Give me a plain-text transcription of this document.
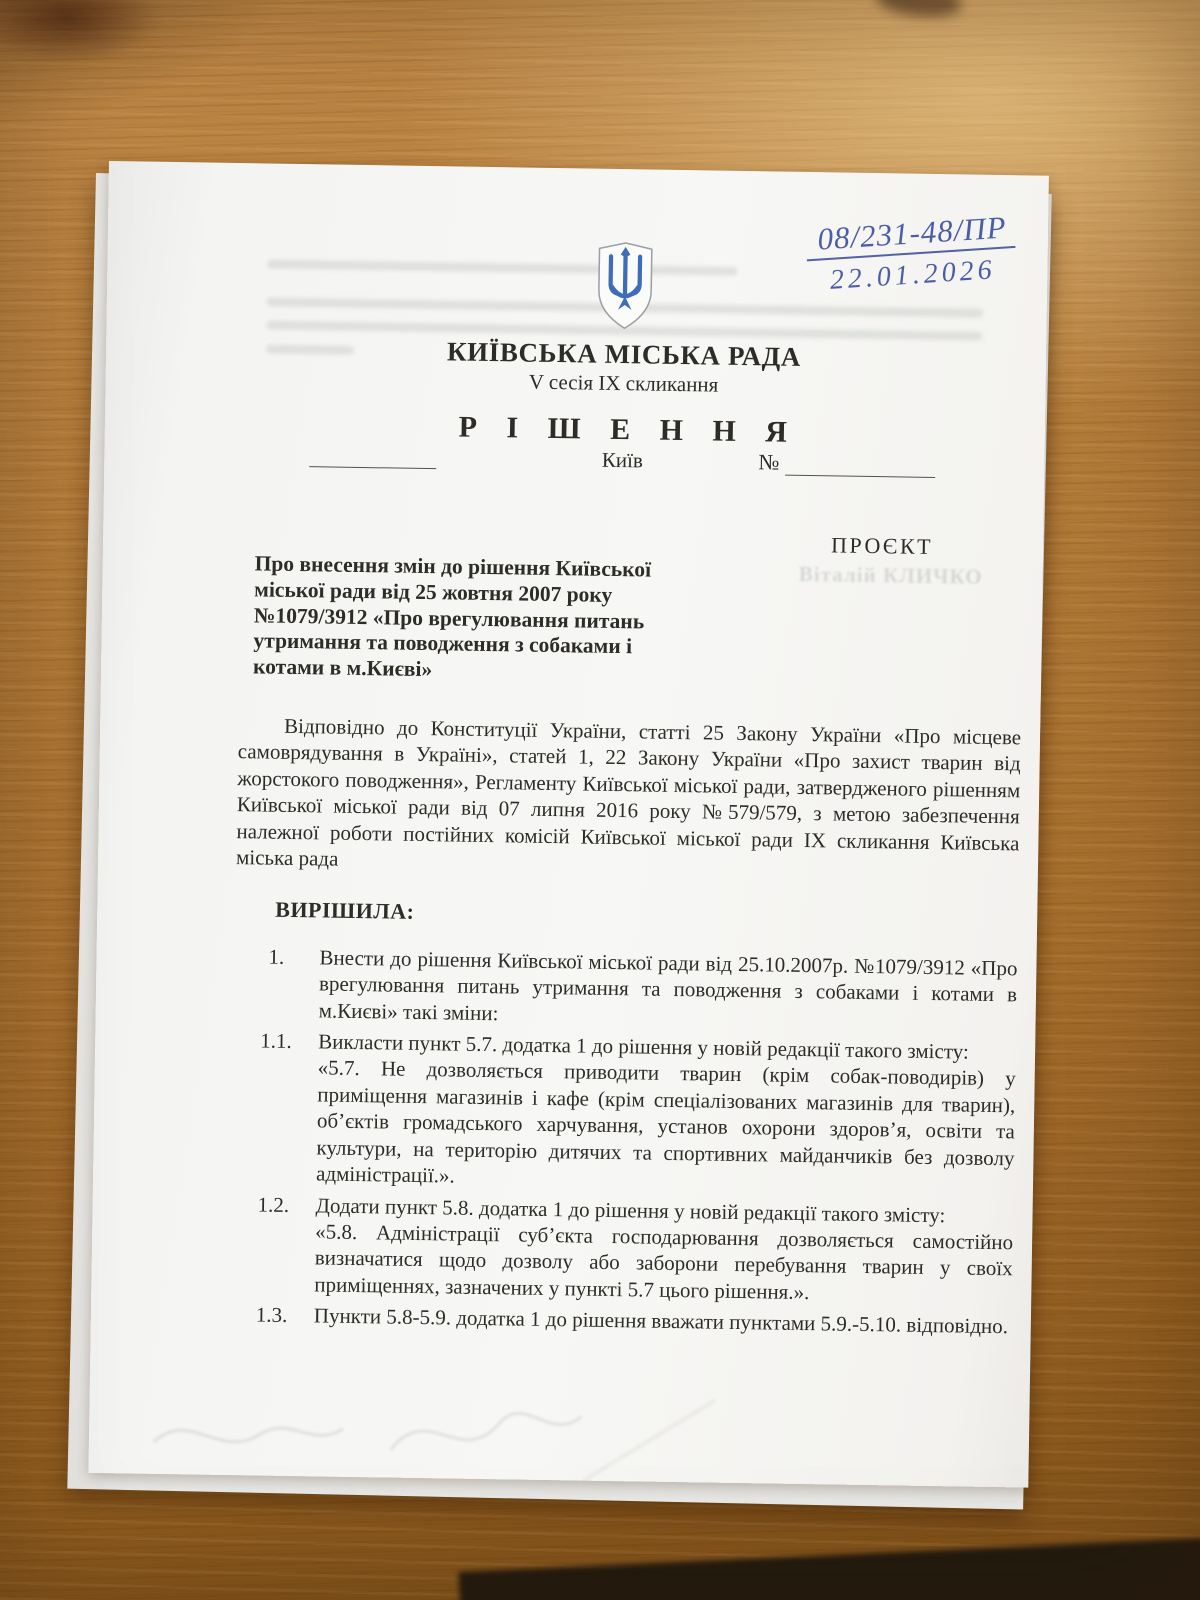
08/231-48/ПР
22.01.2026
КИЇВСЬКА МІСЬКА РАДА
V сесія IX скликання
Р І Ш Е Н Н Я
Київ	№
ПРОЄКТ
Віталій КЛИЧКО
Про внесення змін до рішення Київської міської ради від 25 жовтня 2007 року №1079/3912 «Про врегулювання питань утримання та поводження з собаками і котами в м.Києві»

Відповідно до Конституції України, статті 25 Закону України «Про місцеве самоврядування в Україні», статей 1, 22 Закону України «Про захист тварин від жорстокого поводження», Регламенту Київської міської ради, затвердженого рішенням Київської міської ради від 07 липня 2016 року №579/579, з метою забезпечення належної роботи постійних комісій Київської міської ради IX скликання Київська міська рада

ВИРІШИЛА:
1.	Внести до рішення Київської міської ради від 25.10.2007р. №1079/3912 «Про врегулювання питань утримання та поводження з собаками і котами в м.Києві» такі зміни:

1.1.	Викласти пункт 5.7. додатка 1 до рішення у новій редакції такого змісту:

«5.7. Не дозволяється приводити тварин (крім собак-поводирів) у приміщення магазинів і кафе (крім спеціалізованих магазинів для тварин), об’єктів громадського харчування, установ охорони здоров’я, освіти та культури, на територію дитячих та спортивних майданчиків без дозволу адміністрації.».

1.2.	Додати пункт 5.8. додатка 1 до рішення у новій редакції такого змісту:

«5.8. Адміністрації суб’єкта господарювання дозволяється самостійно визначатися щодо дозволу або заборони перебування тварин у своїх приміщеннях, зазначених у пункті 5.7 цього рішення.».

1.3.	Пункти 5.8-5.9. додатка 1 до рішення вважати пунктами 5.9.-5.10. відповідно.
